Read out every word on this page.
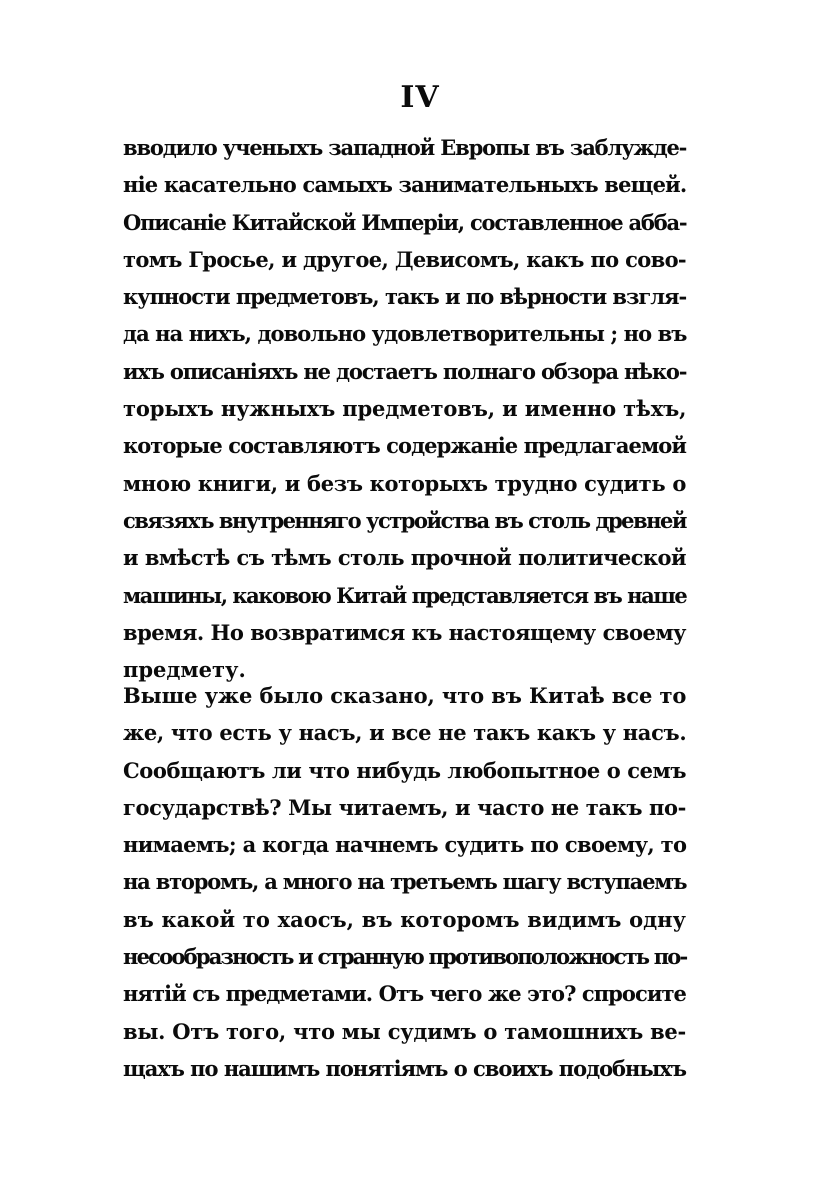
IV
вводило ученыхъ западной Европы въ заблужде-
ніе касательно самыхъ занимательныхъ вещей.
Описаніе Китайской Имперіи, составленное абба-
томъ Гросье, и другое, Девисомъ, какъ по сово-
купности предметовъ, такъ и по вѣрности взгля-
да на нихъ, довольно удовлетворительны ; но въ
ихъ описаніяхъ не достаетъ полнаго обзора нѣко-
торыхъ нужныхъ предметовъ, и именно тѣхъ,
которые составляютъ содержаніе предлагаемой
мною книги, и безъ которыхъ трудно судить о
связяхъ внутренняго устройства въ столь древней
и вмѣстѣ съ тѣмъ столь прочной политической
машины, каковою Китай представляется въ наше
время. Но возвратимся къ настоящему своему
предмету.
Выше уже было сказано, что въ Китаѣ все то
же, что есть у насъ, и все не такъ какъ у насъ.
Сообщаютъ ли что нибудь любопытное о семъ
государствѣ? Мы читаемъ, и часто не такъ по-
нимаемъ; а когда начнемъ судить по своему, то
на второмъ, а много на третьемъ шагу вступаемъ
въ какой то хаосъ, въ которомъ видимъ одну
несообразность и странную противоположность по-
нятій съ предметами. Отъ чего же это? спросите
вы. Отъ того, что мы судимъ о тамошнихъ ве-
щахъ по нашимъ понятіямъ о своихъ подобныхъ
